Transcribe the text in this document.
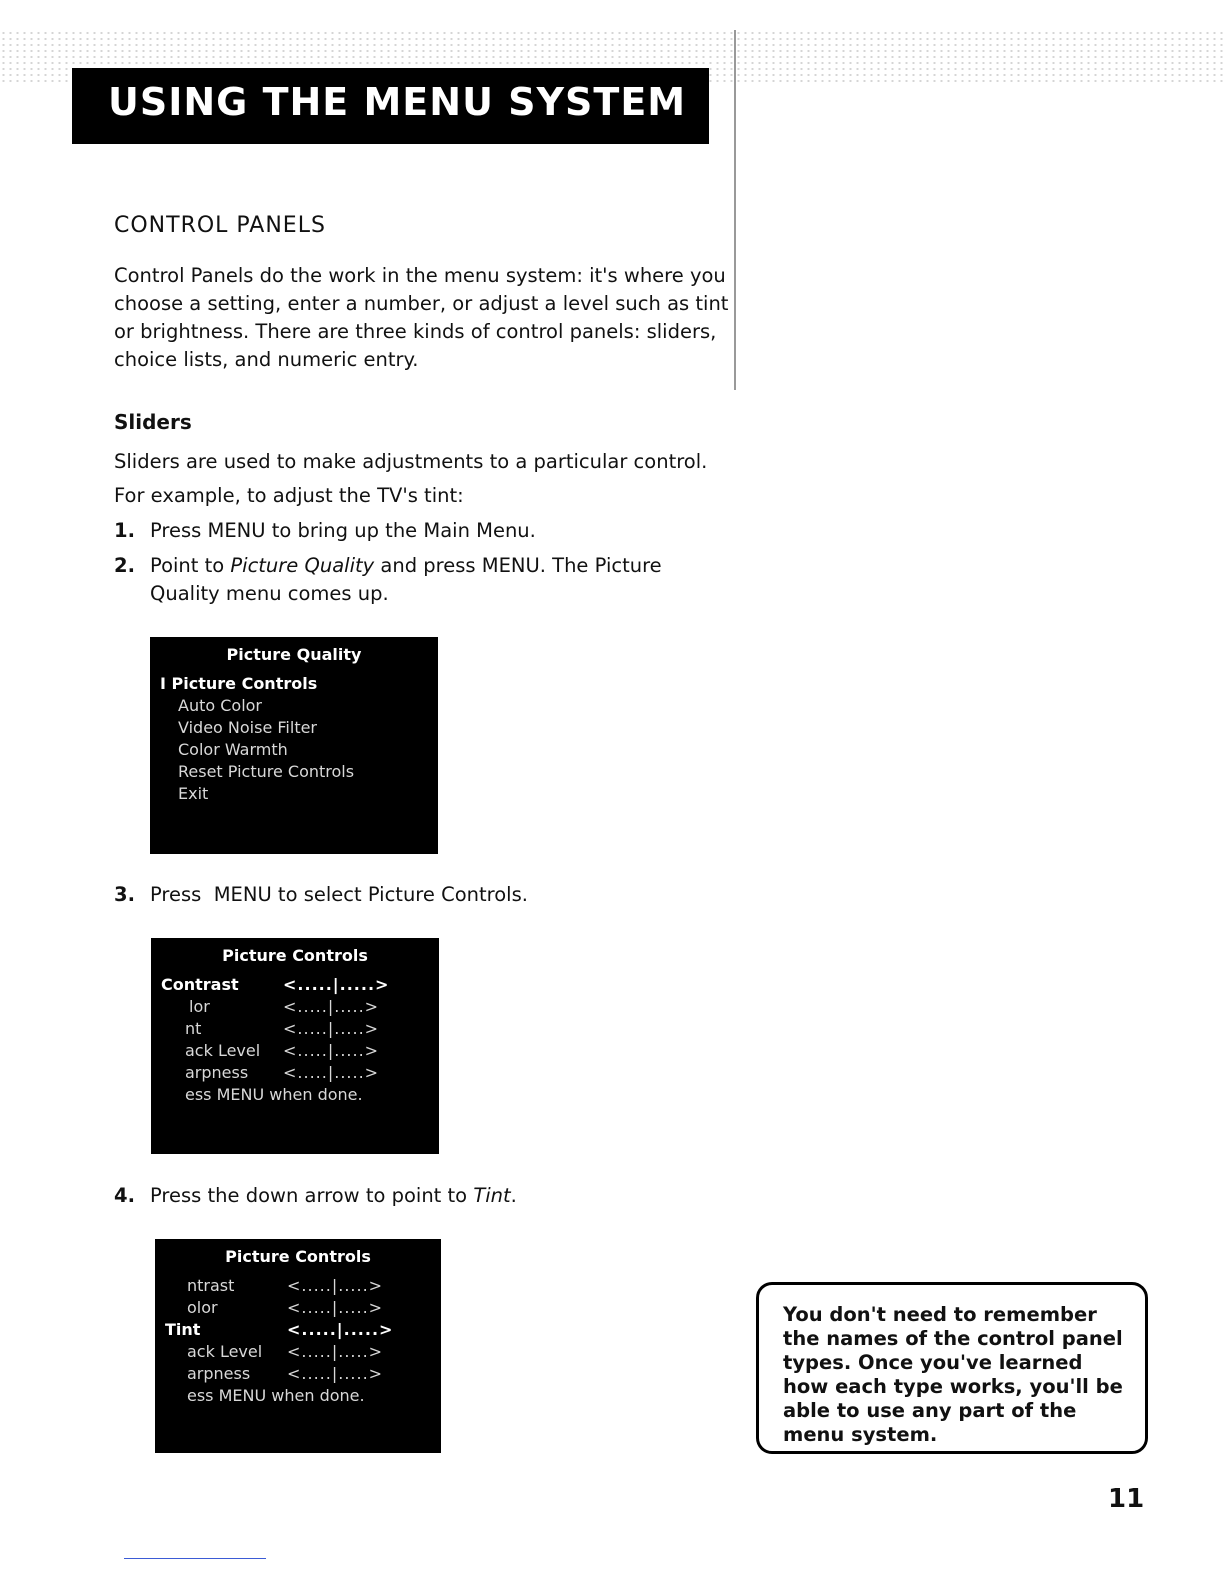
USING THE MENU SYSTEM
CONTROL PANELS
Control Panels do the work in the menu system: it's where you choose a setting, enter a number, or adjust a level such as tint or brightness. There are three kinds of control panels: sliders, choice lists, and numeric entry.
Sliders
Sliders are used to make adjustments to a particular control.
For example, to adjust the TV's tint:
1. Press MENU to bring up the Main Menu.
2. Point to Picture Quality and press MENU. The Picture Quality menu comes up.
Picture Quality
I Picture Controls
Auto Color
Video Noise Filter
Color Warmth
Reset Picture Controls
Exit
3. Press  MENU to select Picture Controls.
Picture Controls
Contrast	<.....|.....>
lor	<.....|.....>
nt	<.....|.....>
ack Level <.....|.....>
arpness <.....|.....>
ess MENU when done.
4. Press the down arrow to point to Tint.
Picture Controls
ntrast	<.....|.....>
olor	<.....|.....>
Tint	<.....|.....>
ack Level <.....|.....>
arpness <.....|.....>
ess MENU when done.
You don't need to remember the names of the control panel types. Once you've learned how each type works, you'll be able to use any part of the menu system.
11
